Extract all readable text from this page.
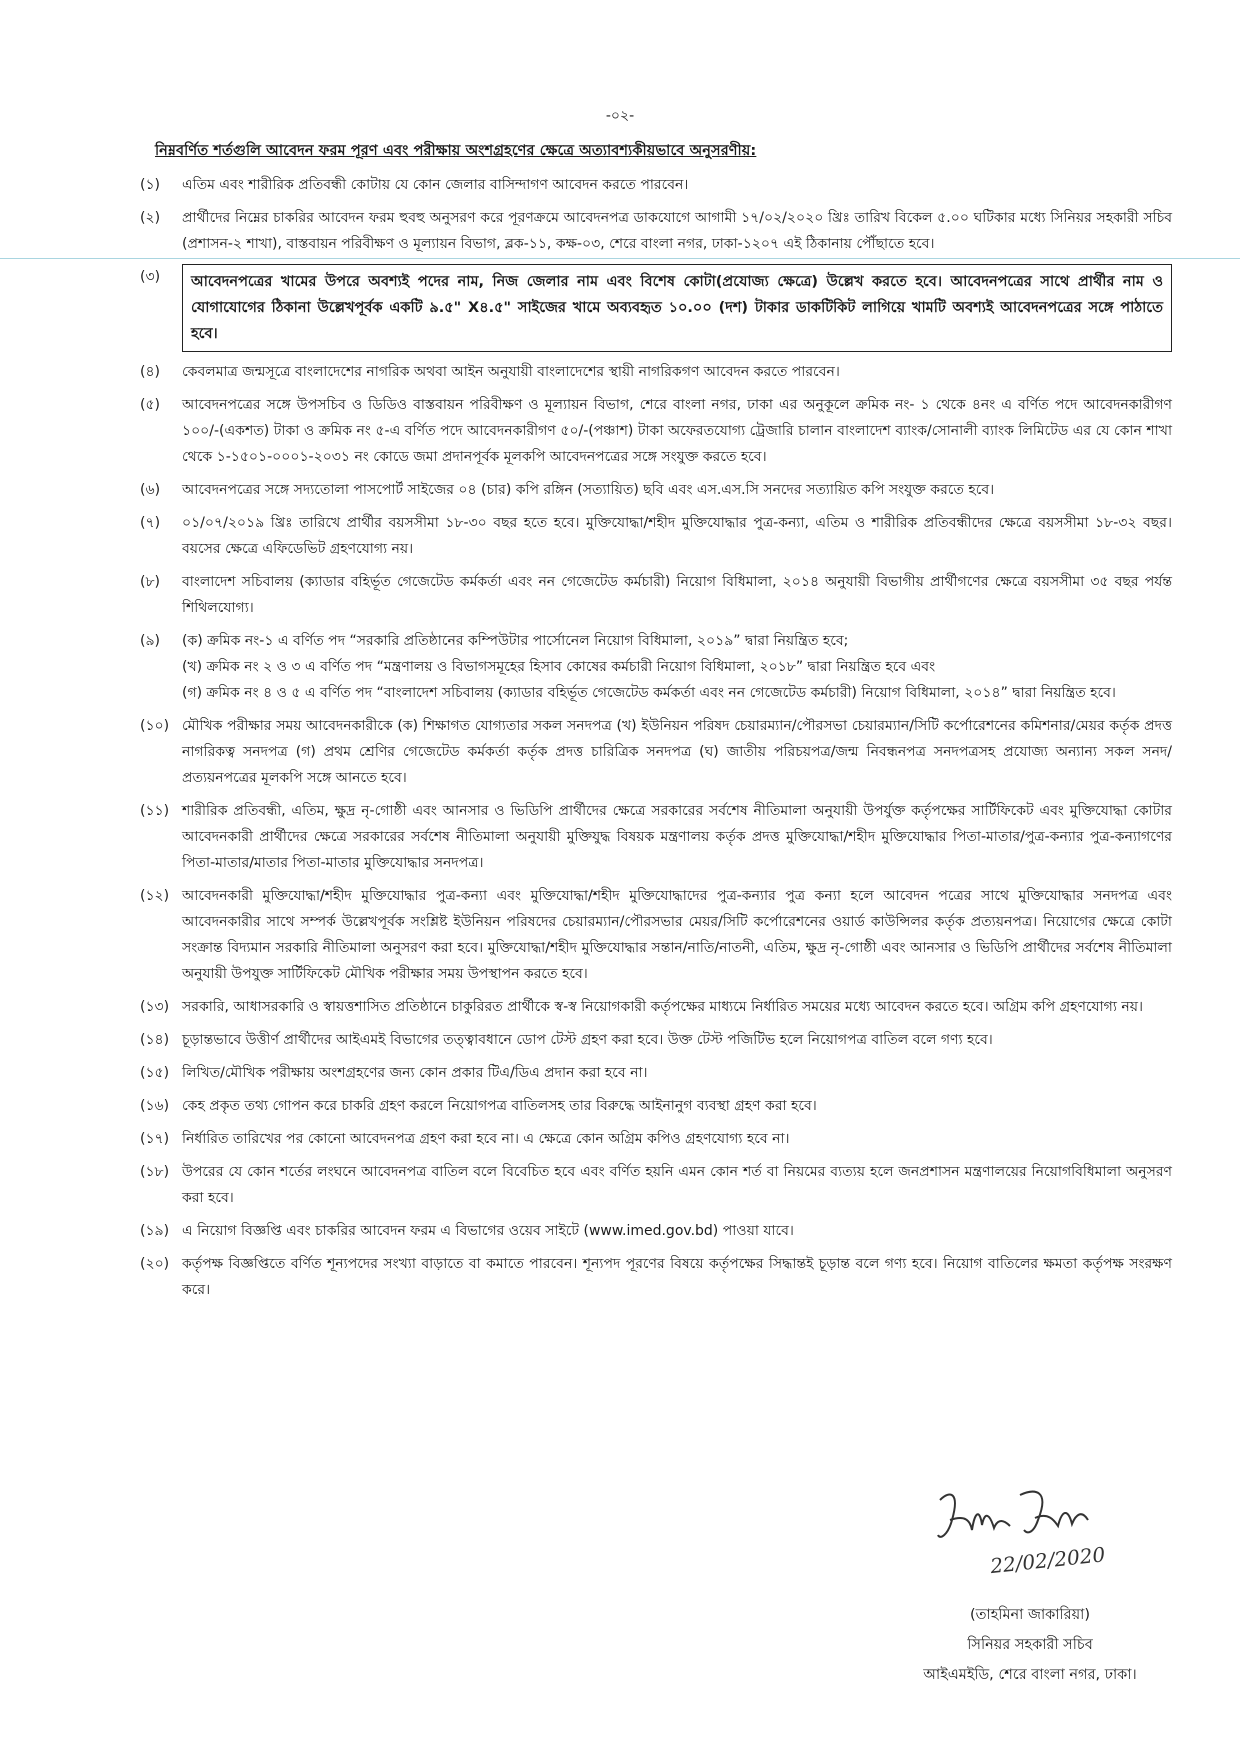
-০২-
নিম্নবর্ণিত শর্তগুলি আবেদন ফরম পূরণ এবং পরীক্ষায় অংশগ্রহণের ক্ষেত্রে অত্যাবশ্যকীয়ভাবে অনুসরণীয়:
(১) এতিম এবং শারীরিক প্রতিবন্ধী কোটায় যে কোন জেলার বাসিন্দাগণ আবেদন করতে পারবেন।
(২) প্রার্থীদের নিম্নের চাকরির আবেদন ফরম হুবহু অনুসরণ করে পূরণক্রমে আবেদনপত্র ডাকযোগে আগামী ১৭/০২/২০২০ খ্রিঃ তারিখ বিকেল ৫.০০ ঘটিকার মধ্যে সিনিয়র সহকারী সচিব (প্রশাসন-২ শাখা), বাস্তবায়ন পরিবীক্ষণ ও মূল্যায়ন বিভাগ, ব্লক-১১, কক্ষ-০৩, শেরে বাংলা নগর, ঢাকা-১২০৭ এই ঠিকানায় পৌঁছাতে হবে।
(৩)	আবেদনপত্রের খামের উপরে অবশ্যই পদের নাম, নিজ জেলার নাম এবং বিশেষ কোটা(প্রযোজ্য ক্ষেত্রে) উল্লেখ করতে হবে। আবেদনপত্রের সাথে প্রার্থীর নাম ও যোগাযোগের ঠিকানা উল্লেখপূর্বক একটি ৯.৫" X৪.৫" সাইজের খামে অব্যবহৃত ১০.০০ (দশ) টাকার ডাকটিকিট লাগিয়ে খামটি অবশ্যই আবেদনপত্রের সঙ্গে পাঠাতে হবে।
(৪) কেবলমাত্র জন্মসূত্রে বাংলাদেশের নাগরিক অথবা আইন অনুযায়ী বাংলাদেশের স্থায়ী নাগরিকগণ আবেদন করতে পারবেন।
(৫) আবেদনপত্রের সঙ্গে উপসচিব ও ডিডিও বাস্তবায়ন পরিবীক্ষণ ও মূল্যায়ন বিভাগ, শেরে বাংলা নগর, ঢাকা এর অনুকূলে ক্রমিক নং- ১ থেকে ৪নং এ বর্ণিত পদে আবেদনকারীগণ ১০০/-(একশত) টাকা ও ক্রমিক নং ৫-এ বর্ণিত পদে আবেদনকারীগণ ৫০/-(পঞ্চাশ) টাকা অফেরতযোগ্য ট্রেজারি চালান বাংলাদেশ ব্যাংক/সোনালী ব্যাংক লিমিটেড এর যে কোন শাখা থেকে ১-১৫০১-০০০১-২০৩১ নং কোডে জমা প্রদানপূর্বক মূলকপি আবেদনপত্রের সঙ্গে সংযুক্ত করতে হবে।
(৬) আবেদনপত্রের সঙ্গে সদ্যতোলা পাসপোর্ট সাইজের ০৪ (চার) কপি রঙ্গিন (সত্যায়িত) ছবি এবং এস.এস.সি সনদের সত্যায়িত কপি সংযুক্ত করতে হবে।
(৭) ০১/০৭/২০১৯ খ্রিঃ তারিখে প্রার্থীর বয়সসীমা ১৮-৩০ বছর হতে হবে। মুক্তিযোদ্ধা/শহীদ মুক্তিযোদ্ধার পুত্র-কন্যা, এতিম ও শারীরিক প্রতিবন্ধীদের ক্ষেত্রে বয়সসীমা ১৮-৩২ বছর। বয়সের ক্ষেত্রে এফিডেভিট গ্রহণযোগ্য নয়।
(৮) বাংলাদেশ সচিবালয় (ক্যাডার বহির্ভূত গেজেটেড কর্মকর্তা এবং নন গেজেটেড কর্মচারী) নিয়োগ বিধিমালা, ২০১৪ অনুযায়ী বিভাগীয় প্রার্থীগণের ক্ষেত্রে বয়সসীমা ৩৫ বছর পর্যন্ত শিথিলযোগ্য।
(৯) (ক) ক্রমিক নং-১ এ বর্ণিত পদ “সরকারি প্রতিষ্ঠানের কম্পিউটার পার্সোনেল নিয়োগ বিধিমালা, ২০১৯” দ্বারা নিয়ন্ত্রিত হবে;
(খ) ক্রমিক নং ২ ও ৩ এ বর্ণিত পদ “মন্ত্রণালয় ও বিভাগসমূহের হিসাব কোষের কর্মচারী নিয়োগ বিধিমালা, ২০১৮” দ্বারা নিয়ন্ত্রিত হবে এবং
(গ) ক্রমিক নং ৪ ও ৫ এ বর্ণিত পদ “বাংলাদেশ সচিবালয় (ক্যাডার বহির্ভূত গেজেটেড কর্মকর্তা এবং নন গেজেটেড কর্মচারী) নিয়োগ বিধিমালা, ২০১৪” দ্বারা নিয়ন্ত্রিত হবে।
(১০) মৌখিক পরীক্ষার সময় আবেদনকারীকে (ক) শিক্ষাগত যোগ্যতার সকল সনদপত্র (খ) ইউনিয়ন পরিষদ চেয়ারম্যান/পৌরসভা চেয়ারম্যান/সিটি কর্পোরেশনের কমিশনার/মেয়র কর্তৃক প্রদত্ত নাগরিকত্ব সনদপত্র (গ) প্রথম শ্রেণির গেজেটেড কর্মকর্তা কর্তৃক প্রদত্ত চারিত্রিক সনদপত্র (ঘ) জাতীয় পরিচয়পত্র/জন্ম নিবন্ধনপত্র সনদপত্রসহ প্রযোজ্য অন্যান্য সকল সনদ/প্রত্যয়নপত্রের মূলকপি সঙ্গে আনতে হবে।
(১১) শারীরিক প্রতিবন্ধী, এতিম, ক্ষুদ্র নৃ-গোষ্ঠী এবং আনসার ও ভিডিপি প্রার্থীদের ক্ষেত্রে সরকারের সর্বশেষ নীতিমালা অনুযায়ী উপর্যুক্ত কর্তৃপক্ষের সার্টিফিকেট এবং মুক্তিযোদ্ধা কোটার আবেদনকারী প্রার্থীদের ক্ষেত্রে সরকারের সর্বশেষ নীতিমালা অনুযায়ী মুক্তিযুদ্ধ বিষয়ক মন্ত্রণালয় কর্তৃক প্রদত্ত মুক্তিযোদ্ধা/শহীদ মুক্তিযোদ্ধার পিতা-মাতার/পুত্র-কন্যার পুত্র-কন্যাগণের পিতা-মাতার/মাতার পিতা-মাতার মুক্তিযোদ্ধার সনদপত্র।
(১২) আবেদনকারী মুক্তিযোদ্ধা/শহীদ মুক্তিযোদ্ধার পুত্র-কন্যা এবং মুক্তিযোদ্ধা/শহীদ মুক্তিযোদ্ধাদের পুত্র-কন্যার পুত্র কন্যা হলে আবেদন পত্রের সাথে মুক্তিযোদ্ধার সনদপত্র এবং আবেদনকারীর সাথে সম্পর্ক উল্লেখপূর্বক সংশ্লিষ্ট ইউনিয়ন পরিষদের চেয়ারম্যান/পৌরসভার মেয়র/সিটি কর্পোরেশনের ওয়ার্ড কাউন্সিলর কর্তৃক প্রত্যয়নপত্র। নিয়োগের ক্ষেত্রে কোটা সংক্রান্ত বিদ্যমান সরকারি নীতিমালা অনুসরণ করা হবে। মুক্তিযোদ্ধা/শহীদ মুক্তিযোদ্ধার সন্তান/নাতি/নাতনী, এতিম, ক্ষুদ্র নৃ-গোষ্ঠী এবং আনসার ও ভিডিপি প্রার্থীদের সর্বশেষ নীতিমালা অনুযায়ী উপযুক্ত সার্টিফিকেট মৌখিক পরীক্ষার সময় উপস্থাপন করতে হবে।
(১৩) সরকারি, আধাসরকারি ও স্বায়ত্তশাসিত প্রতিষ্ঠানে চাকুরিরত প্রার্থীকে স্ব-স্ব নিয়োগকারী কর্তৃপক্ষের মাধ্যমে নির্ধারিত সময়ের মধ্যে আবেদন করতে হবে। অগ্রিম কপি গ্রহণযোগ্য নয়।
(১৪) চূড়ান্তভাবে উত্তীর্ণ প্রার্থীদের আইএমই বিভাগের তত্ত্বাবধানে ডোপ টেস্ট গ্রহণ করা হবে। উক্ত টেস্ট পজিটিভ হলে নিয়োগপত্র বাতিল বলে গণ্য হবে।
(১৫) লিখিত/মৌখিক পরীক্ষায় অংশগ্রহণের জন্য কোন প্রকার টিএ/ডিএ প্রদান করা হবে না।
(১৬) কেহ প্রকৃত তথ্য গোপন করে চাকরি গ্রহণ করলে নিয়োগপত্র বাতিলসহ তার বিরুদ্ধে আইনানুগ ব্যবস্থা গ্রহণ করা হবে।
(১৭) নির্ধারিত তারিখের পর কোনো আবেদনপত্র গ্রহণ করা হবে না। এ ক্ষেত্রে কোন অগ্রিম কপিও গ্রহণযোগ্য হবে না।
(১৮) উপরের যে কোন শর্তের লংঘনে আবেদনপত্র বাতিল বলে বিবেচিত হবে এবং বর্ণিত হয়নি এমন কোন শর্ত বা নিয়মের ব্যত্যয় হলে জনপ্রশাসন মন্ত্রণালয়ের নিয়োগবিধিমালা অনুসরণ করা হবে।
(১৯) এ নিয়োগ বিজ্ঞপ্তি এবং চাকরির আবেদন ফরম এ বিভাগের ওয়েব সাইটে (www.imed.gov.bd) পাওয়া যাবে।
(২০) কর্তৃপক্ষ বিজ্ঞপ্তিতে বর্ণিত শূন্যপদের সংখ্যা বাড়াতে বা কমাতে পারবেন। শূন্যপদ পূরণের বিষয়ে কর্তৃপক্ষের সিদ্ধান্তই চূড়ান্ত বলে গণ্য হবে। নিয়োগ বাতিলের ক্ষমতা কর্তৃপক্ষ সংরক্ষণ করে।
22/02/2020
(তাহমিনা জাকারিয়া)
সিনিয়র সহকারী সচিব
আইএমইডি, শেরে বাংলা নগর, ঢাকা।
